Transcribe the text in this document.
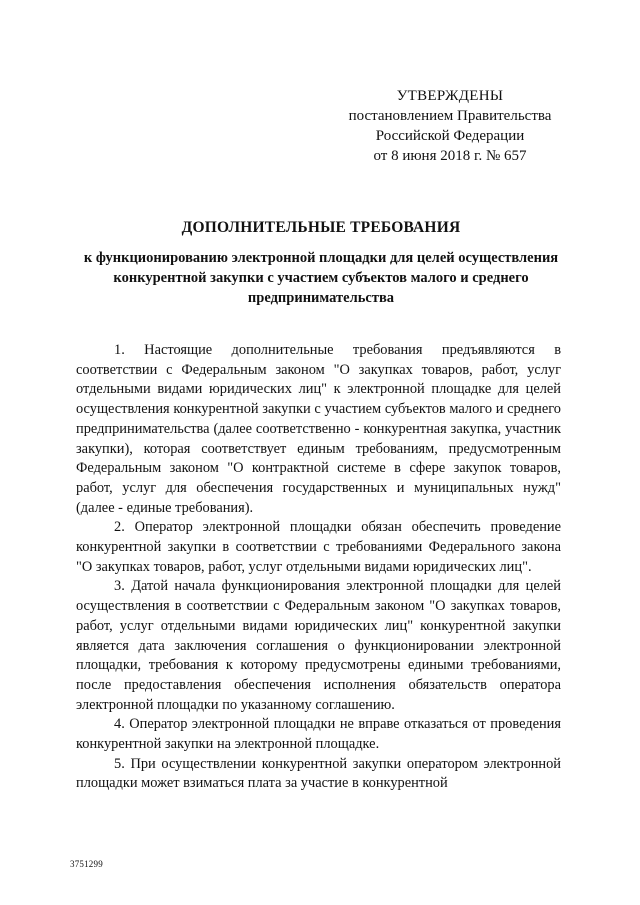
УТВЕРЖДЕНЫ
постановлением Правительства
Российской Федерации
от 8 июня 2018 г. № 657
ДОПОЛНИТЕЛЬНЫЕ ТРЕБОВАНИЯ
к функционированию электронной площадки для целей осуществления конкурентной закупки с участием субъектов малого и среднего предпринимательства

1. Настоящие дополнительные требования предъявляются в соответствии с Федеральным законом "О закупках товаров, работ, услуг отдельными видами юридических лиц" к электронной площадке для целей осуществления конкурентной закупки с участием субъектов малого и среднего предпринимательства (далее соответственно - конкурентная закупка, участник закупки), которая соответствует единым требованиям, предусмотренным Федеральным законом "О контрактной системе в сфере закупок товаров, работ, услуг для обеспечения государственных и муниципальных нужд" (далее - единые требования).

2. Оператор электронной площадки обязан обеспечить проведение конкурентной закупки в соответствии с требованиями Федерального закона "О закупках товаров, работ, услуг отдельными видами юридических лиц".

3. Датой начала функционирования электронной площадки для целей осуществления в соответствии с Федеральным законом "О закупках товаров, работ, услуг отдельными видами юридических лиц" конкурентной закупки является дата заключения соглашения о функционировании электронной площадки, требования к которому предусмотрены едиными требованиями, после предоставления обеспечения исполнения обязательств оператора электронной площадки по указанному соглашению.

4. Оператор электронной площадки не вправе отказаться от проведения конкурентной закупки на электронной площадке.

5. При осуществлении конкурентной закупки оператором электронной площадки может взиматься плата за участие в конкурентной

3751299
